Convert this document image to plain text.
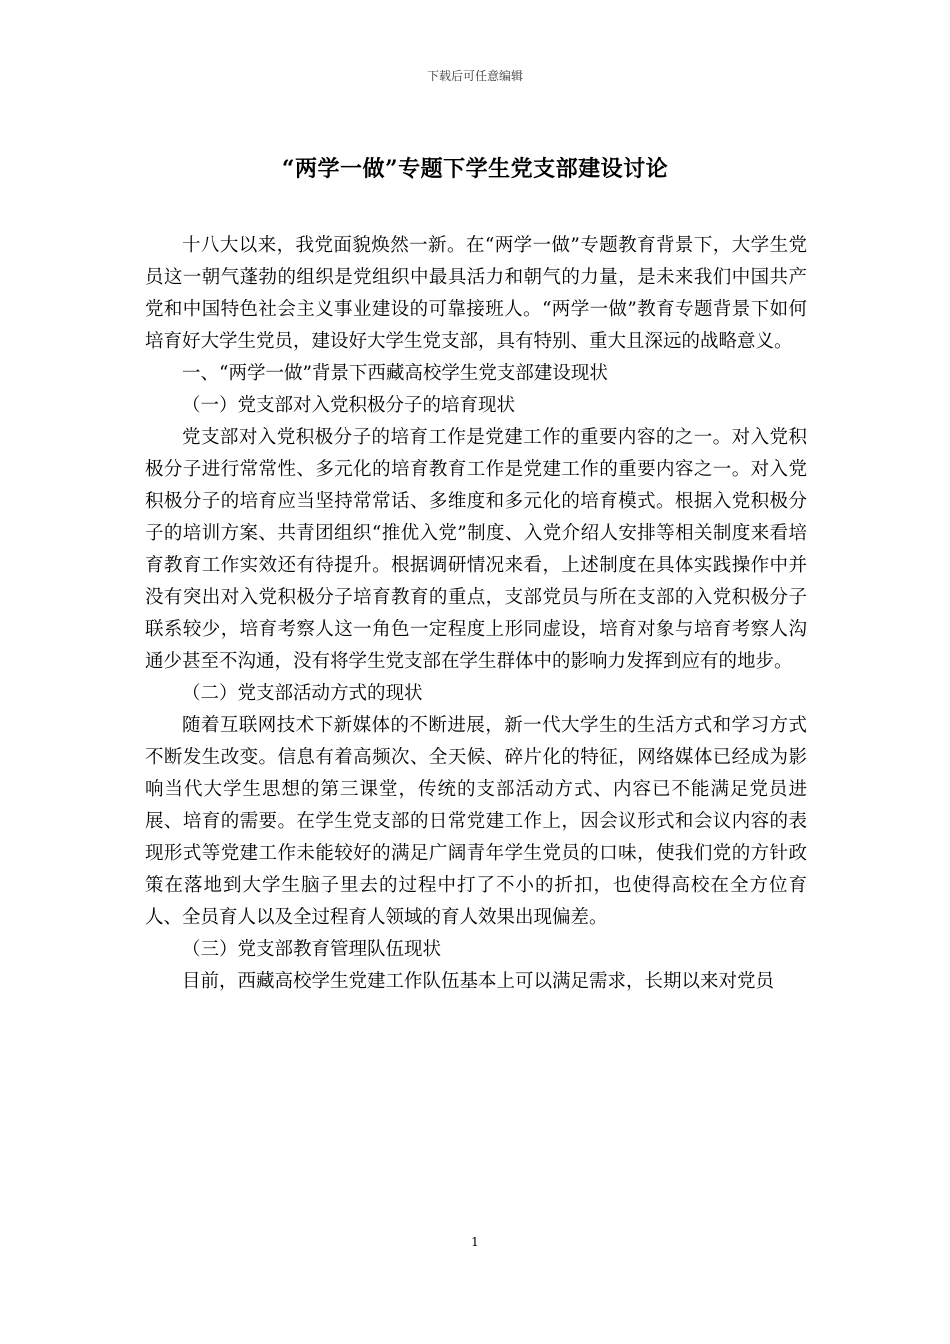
下载后可任意编辑
“两学一做”专题下学生党支部建设讨论

十八大以来，我党面貌焕然一新。在“两学一做”专题教育背景下，大学生党员这一朝气蓬勃的组织是党组织中最具活力和朝气的力量，是未来我们中国共产党和中国特色社会主义事业建设的可靠接班人。“两学一做”教育专题背景下如何培育好大学生党员，建设好大学生党支部，具有特别、重大且深远的战略意义。

一、“两学一做”背景下西藏高校学生党支部建设现状

（一）党支部对入党积极分子的培育现状

党支部对入党积极分子的培育工作是党建工作的重要内容的之一。对入党积极分子进行常常性、多元化的培育教育工作是党建工作的重要内容之一。对入党积极分子的培育应当坚持常常话、多维度和多元化的培育模式。根据入党积极分子的培训方案、共青团组织“推优入党”制度、入党介绍人安排等相关制度来看培育教育工作实效还有待提升。根据调研情况来看，上述制度在具体实践操作中并没有突出对入党积极分子培育教育的重点，支部党员与所在支部的入党积极分子联系较少，培育考察人这一角色一定程度上形同虚设，培育对象与培育考察人沟通少甚至不沟通，没有将学生党支部在学生群体中的影响力发挥到应有的地步。

（二）党支部活动方式的现状

随着互联网技术下新媒体的不断进展，新一代大学生的生活方式和学习方式不断发生改变。信息有着高频次、全天候、碎片化的特征，网络媒体已经成为影响当代大学生思想的第三课堂，传统的支部活动方式、内容已不能满足党员进展、培育的需要。在学生党支部的日常党建工作上，因会议形式和会议内容的表现形式等党建工作未能较好的满足广阔青年学生党员的口味，使我们党的方针政策在落地到大学生脑子里去的过程中打了不小的折扣，也使得高校在全方位育人、全员育人以及全过程育人领域的育人效果出现偏差。

（三）党支部教育管理队伍现状

目前，西藏高校学生党建工作队伍基本上可以满足需求，长期以来对党员

1
